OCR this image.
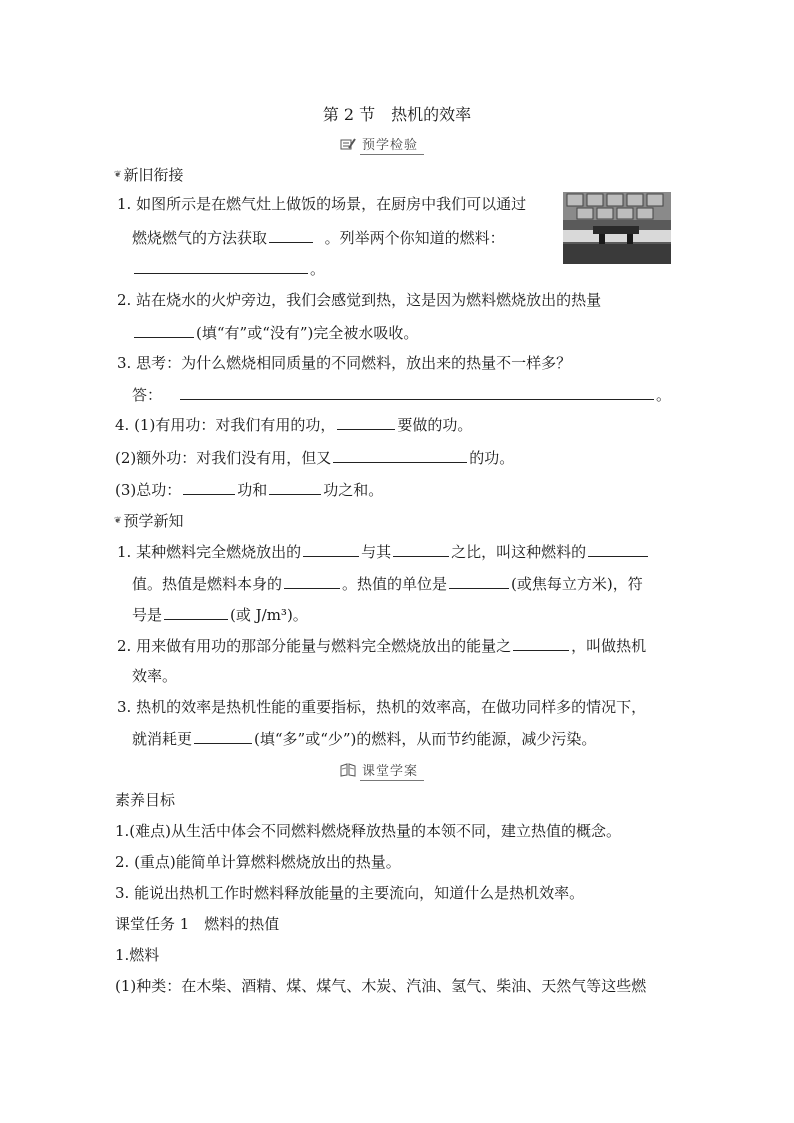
第 2 节　热机的效率
预学检验
❦ 新旧衔接
1. 如图所示是在燃气灶上做饭的场景，在厨房中我们可以通过
燃烧燃气的方法获取	。列举两个你知道的燃料：
。
2. 站在烧水的火炉旁边，我们会感觉到热，这是因为燃料燃烧放出的热量
(填“有”或“没有”)完全被水吸收。
3. 思考：为什么燃烧相同质量的不同燃料，放出来的热量不一样多？
答：	。
4. (1)有用功：对我们有用的功，	要做的功。
(2)额外功：对我们没有用，但又	的功。
(3)总功：	功和	功之和。
❦ 预学新知
1. 某种燃料完全燃烧放出的	与其	之比，叫这种燃料的
值。热值是燃料本身的	。热值的单位是	(或焦每立方米)，符
号是	(或 J/m³)。
2. 用来做有用功的那部分能量与燃料完全燃烧放出的能量之	，叫做热机
效率。
3. 热机的效率是热机性能的重要指标，热机的效率高，在做功同样多的情况下，
就消耗更	(填“多”或“少”)的燃料，从而节约能源，减少污染。
课堂学案
素养目标
1.(难点)从生活中体会不同燃料燃烧释放热量的本领不同，建立热值的概念。
2. (重点)能简单计算燃料燃烧放出的热量。
3. 能说出热机工作时燃料释放能量的主要流向，知道什么是热机效率。
课堂任务 1　燃料的热值
1.燃料
(1)种类：在木柴、酒精、煤、煤气、木炭、汽油、氢气、柴油、天然气等这些燃
